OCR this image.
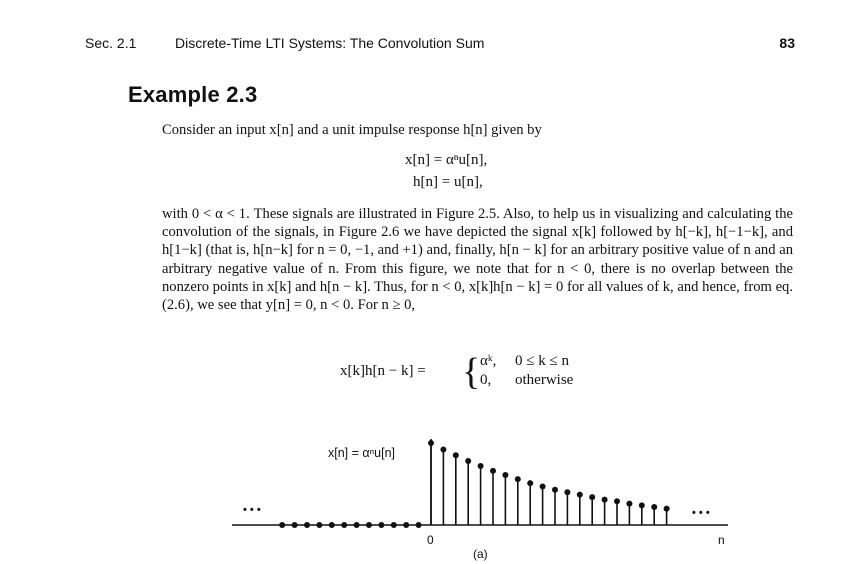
Sec. 2.1	Discrete-Time LTI Systems: The Convolution Sum	83
Example 2.3
Consider an input x[n] and a unit impulse response h[n] given by
x[n] = αⁿu[n],
h[n] = u[n],
with 0 < α < 1. These signals are illustrated in Figure 2.5. Also, to help us in visualizing and calculating the convolution of the signals, in Figure 2.6 we have depicted the signal x[k] followed by h[−k], h[−1−k], and h[1−k] (that is, h[n−k] for n = 0, −1, and +1) and, finally, h[n − k] for an arbitrary positive value of n and an arbitrary negative value of n. From this figure, we note that for n < 0, there is no overlap between the nonzero points in x[k] and h[n − k]. Thus, for n < 0, x[k]h[n − k] = 0 for all values of k, and hence, from eq. (2.6), we see that y[n] = 0, n < 0. For n ≥ 0,
x[k]h[n − k] = { αᵏ, 0 ≤ k ≤ n
0, otherwise
x[n] = αⁿu[n]
• • •	• • •
0	n
(a)
